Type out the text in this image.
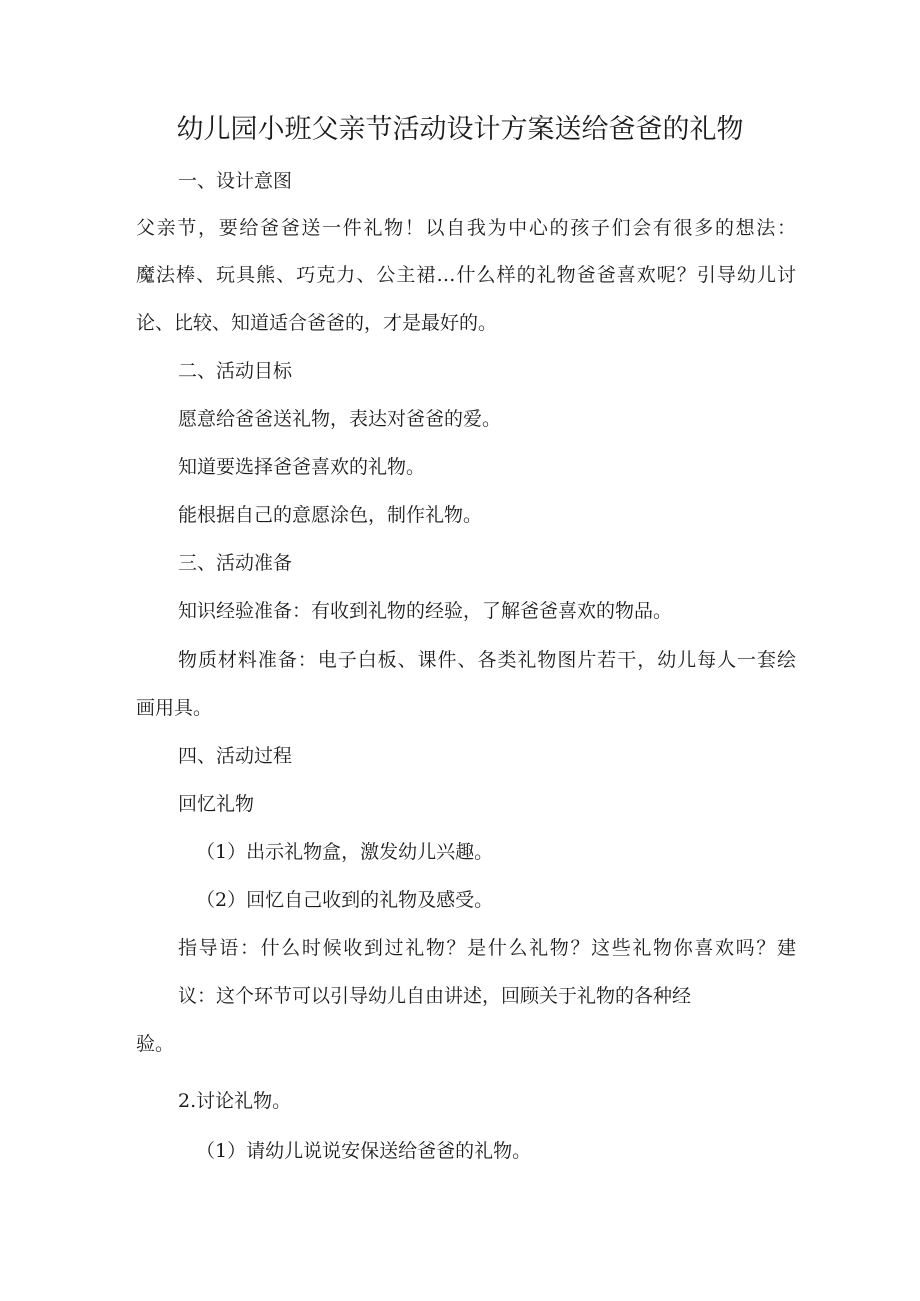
幼儿园小班父亲节活动设计方案送给爸爸的礼物
一、设计意图
父亲节，要给爸爸送一件礼物！以自我为中心的孩子们会有很多的想法：
魔法棒、玩具熊、巧克力、公主裙…什么样的礼物爸爸喜欢呢？引导幼儿讨
论、比较、知道适合爸爸的，才是最好的。
二、活动目标
愿意给爸爸送礼物，表达对爸爸的爱。
知道要选择爸爸喜欢的礼物。
能根据自己的意愿涂色，制作礼物。
三、活动准备
知识经验准备：有收到礼物的经验，了解爸爸喜欢的物品。
物质材料准备：电子白板、课件、各类礼物图片若干，幼儿每人一套绘
画用具。
四、活动过程
回忆礼物
（1）出示礼物盒，激发幼儿兴趣。
（2）回忆自己收到的礼物及感受。
指导语：什么时候收到过礼物？是什么礼物？这些礼物你喜欢吗？建
议：这个环节可以引导幼儿自由讲述，回顾关于礼物的各种经
验。
2.讨论礼物。
（1）请幼儿说说安保送给爸爸的礼物。
